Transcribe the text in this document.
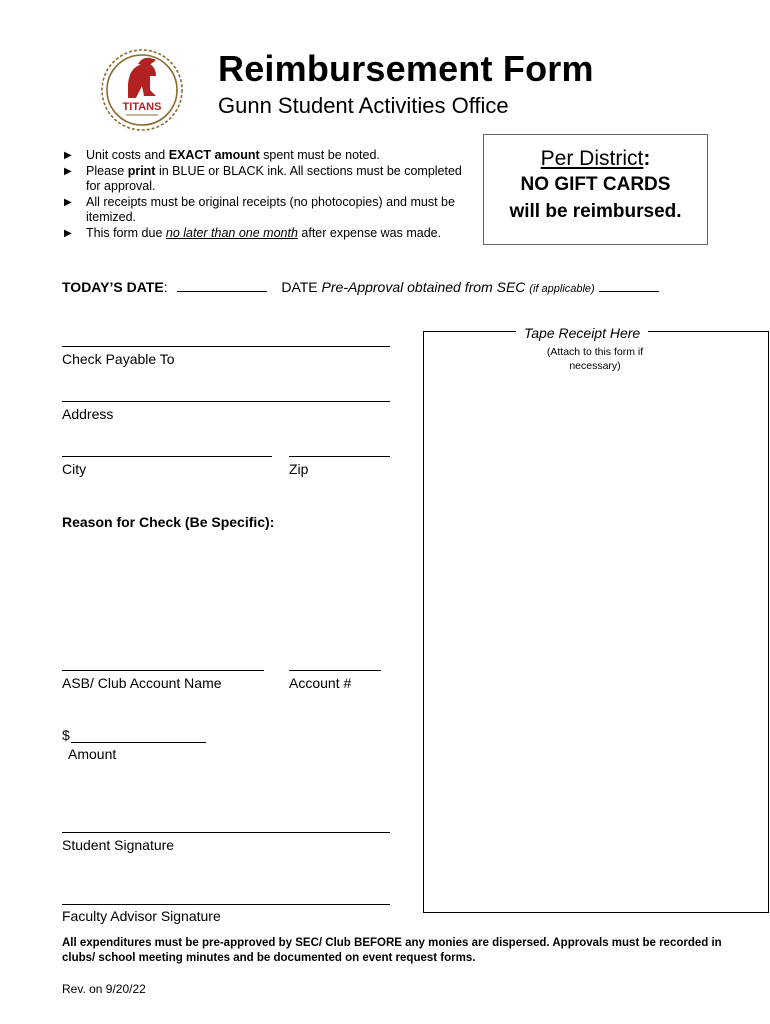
TITANS
Reimbursement Form
Gunn Student Activities Office
▶ Unit costs and EXACT amount spent must be noted.
▶ Please print in BLUE or BLACK ink. All sections must be completed for approval.
▶ All receipts must be original receipts (no photocopies) and must be itemized.
▶ This form due no later than one month after expense was made.
Per District:
NO GIFT CARDS
will be reimbursed.
TODAY’S DATE:	DATE Pre-Approval obtained from SEC (if applicable)
Check Payable To
Address
City	Zip
Reason for Check (Be Specific):
ASB/ Club Account Name	Account #
$
Amount
Student Signature
Faculty Advisor Signature
Tape Receipt Here
(Attach to this form if necessary)
All expenditures must be pre-approved by SEC/ Club BEFORE any monies are dispersed. Approvals must be recorded in clubs/ school meeting minutes and be documented on event request forms.
Rev. on 9/20/22
